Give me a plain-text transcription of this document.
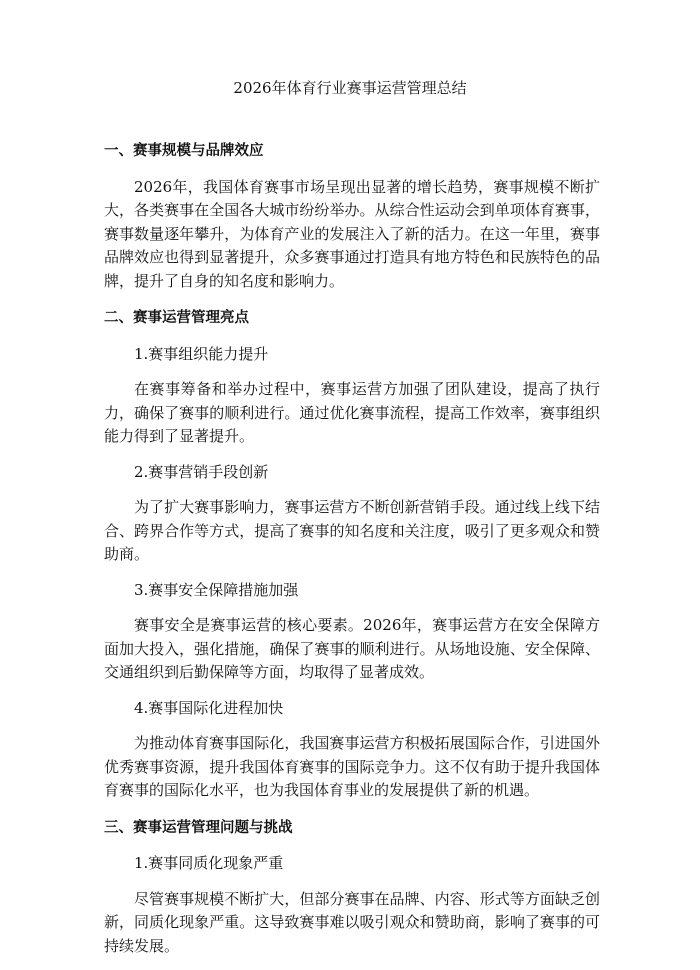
2026年体育行业赛事运营管理总结
一、赛事规模与品牌效应
2026年，我国体育赛事市场呈现出显著的增长趋势，赛事规模不断扩大，各类赛事在全国各大城市纷纷举办。从综合性运动会到单项体育赛事，赛事数量逐年攀升，为体育产业的发展注入了新的活力。在这一年里，赛事品牌效应也得到显著提升，众多赛事通过打造具有地方特色和民族特色的品牌，提升了自身的知名度和影响力。
二、赛事运营管理亮点
1.赛事组织能力提升
在赛事筹备和举办过程中，赛事运营方加强了团队建设，提高了执行力，确保了赛事的顺利进行。通过优化赛事流程，提高工作效率，赛事组织能力得到了显著提升。
2.赛事营销手段创新
为了扩大赛事影响力，赛事运营方不断创新营销手段。通过线上线下结合、跨界合作等方式，提高了赛事的知名度和关注度，吸引了更多观众和赞助商。
3.赛事安全保障措施加强
赛事安全是赛事运营的核心要素。2026年，赛事运营方在安全保障方面加大投入，强化措施，确保了赛事的顺利进行。从场地设施、安全保障、交通组织到后勤保障等方面，均取得了显著成效。
4.赛事国际化进程加快
为推动体育赛事国际化，我国赛事运营方积极拓展国际合作，引进国外优秀赛事资源，提升我国体育赛事的国际竞争力。这不仅有助于提升我国体育赛事的国际化水平，也为我国体育事业的发展提供了新的机遇。
三、赛事运营管理问题与挑战
1.赛事同质化现象严重
尽管赛事规模不断扩大，但部分赛事在品牌、内容、形式等方面缺乏创新，同质化现象严重。这导致赛事难以吸引观众和赞助商，影响了赛事的可持续发展。
